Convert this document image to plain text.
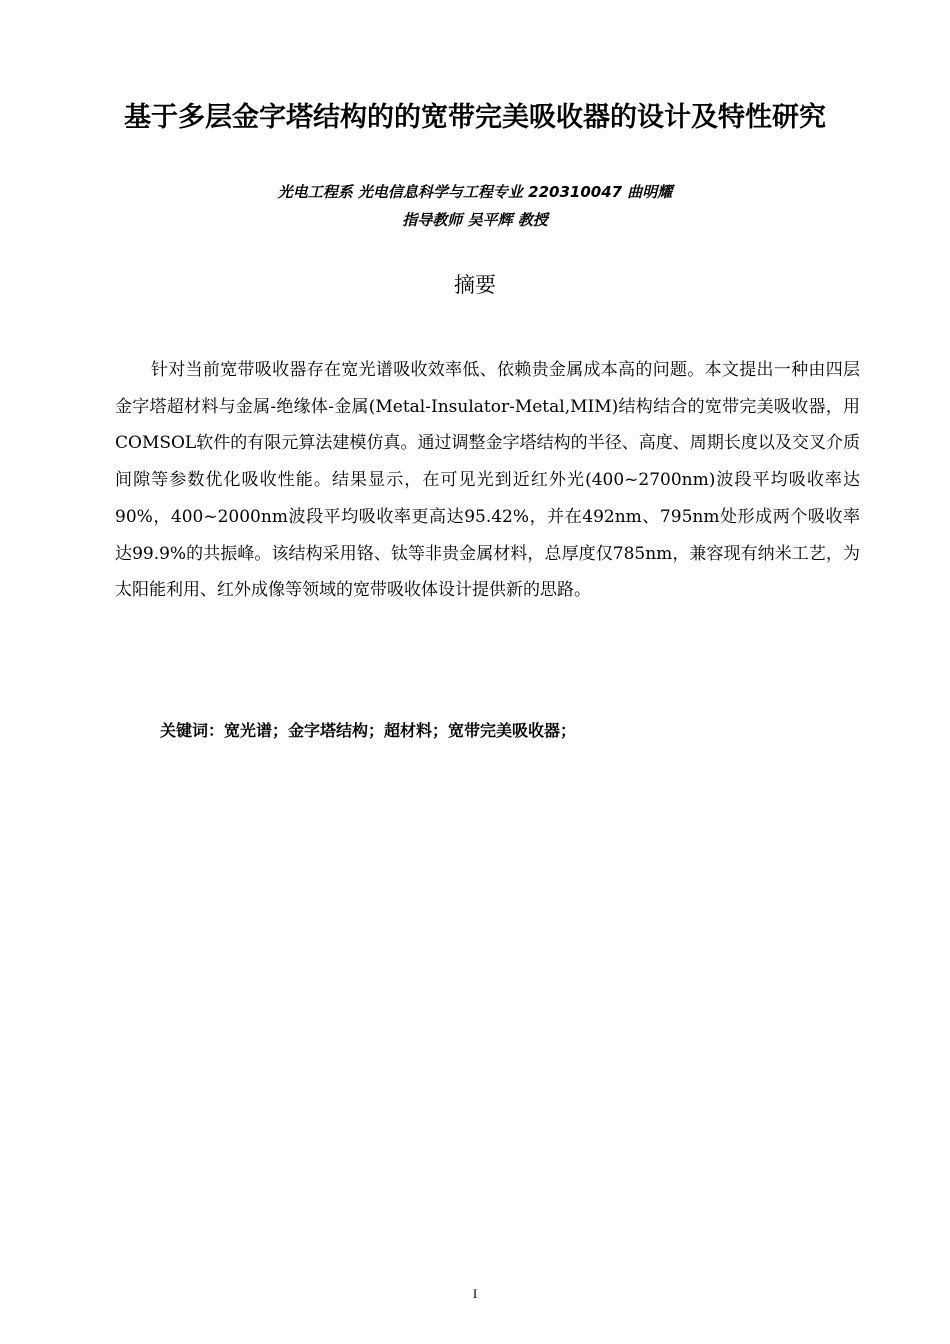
基于多层金字塔结构的的宽带完美吸收器的设计及特性研究
光电工程系 光电信息科学与工程专业 220310047 曲明耀
指导教师 吴平辉 教授
摘要
针对当前宽带吸收器存在宽光谱吸收效率低、依赖贵金属成本高的问题。本文提出一种由四层金字塔超材料与金属-绝缘体-金属(Metal-Insulator-Metal,MIM)结构结合的宽带完美吸收器，用COMSOL软件的有限元算法建模仿真。通过调整金字塔结构的半径、高度、周期长度以及交叉介质间隙等参数优化吸收性能。结果显示，在可见光到近红外光(400~2700nm)波段平均吸收率达90%，400~2000nm波段平均吸收率更高达95.42%，并在492nm、795nm处形成两个吸收率达99.9%的共振峰。该结构采用铬、钛等非贵金属材料，总厚度仅785nm，兼容现有纳米工艺，为太阳能利用、红外成像等领域的宽带吸收体设计提供新的思路。
关键词：宽光谱；金字塔结构；超材料；宽带完美吸收器；
I
